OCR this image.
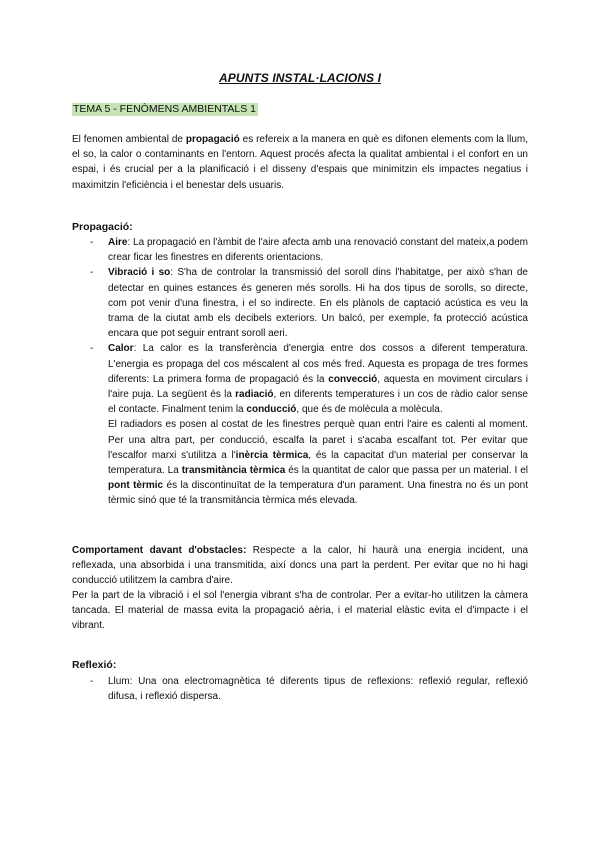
APUNTS INSTAL·LACIONS I
TEMA 5 - FENÒMENS AMBIENTALS 1

El fenomen ambiental de propagació es refereix a la manera en què es difonen elements com la llum, el so, la calor o contaminants en l'entorn. Aquest procés afecta la qualitat ambiental i el confort en un espai, i és crucial per a la planificació i el disseny d'espais que minimitzin els impactes negatius i maximitzin l'eficiència i el benestar dels usuaris.

Propagació:
- Aire: La propagació en l'àmbit de l'aire afecta amb una renovació constant del mateix,a podem crear ficar les finestres en diferents orientacions.
- Vibració i so: S'ha de controlar la transmissió del soroll dins l'habitatge, per això s'han de detectar en quines estances és generen més sorolls. Hi ha dos tipus de sorolls, so directe, com pot venir d'una finestra, i el so indirecte. En els plànols de captació acústica es veu la trama de la ciutat amb els decibels exteriors. Un balcó, per exemple, fa protecció acústica encara que pot seguir entrant soroll aeri.
- Calor: La calor es la transferència d'energia entre dos cossos a diferent temperatura. L'energia es propaga del cos méscalent al cos més fred. Aquesta es propaga de tres formes diferents: La primera forma de propagació és la convecció, aquesta en moviment circulars i l'aire puja. La següent és la radiació, en diferents temperatures i un cos de ràdio calor sense el contacte. Finalment tenim la conducció, que és de molècula a molècula.

El radiadors es posen al costat de les finestres perquè quan entri l'aire es calenti al moment. Per una altra part, per conducció, escalfa la paret i s'acaba escalfant tot. Per evitar que l'escalfor marxi s'utilitza a l'inèrcia tèrmica, és la capacitat d'un material per conservar la temperatura. La transmitància tèrmica és la quantitat de calor que passa per un material. I el pont tèrmic és la discontinuïtat de la temperatura d'un parament. Una finestra no és un pont tèrmic sinó que té la transmitància tèrmica més elevada.

Comportament davant d'obstacles: Respecte a la calor, hi haurà una energia incident, una reflexada, una absorbida i una transmitida, així doncs una part la perdent. Per evitar que no hi hagi conducció utilitzem la cambra d'aire.

Per la part de la vibració i el sol l'energia vibrant s'ha de controlar. Per a evitar-ho utilitzen la càmera tancada. El material de massa evita la propagació aèria, i el material elàstic evita el d'impacte i el vibrant.

Reflexió:
- Llum: Una ona electromagnètica té diferents tipus de reflexions: reflexió regular, reflexió difusa, i reflexió dispersa.
